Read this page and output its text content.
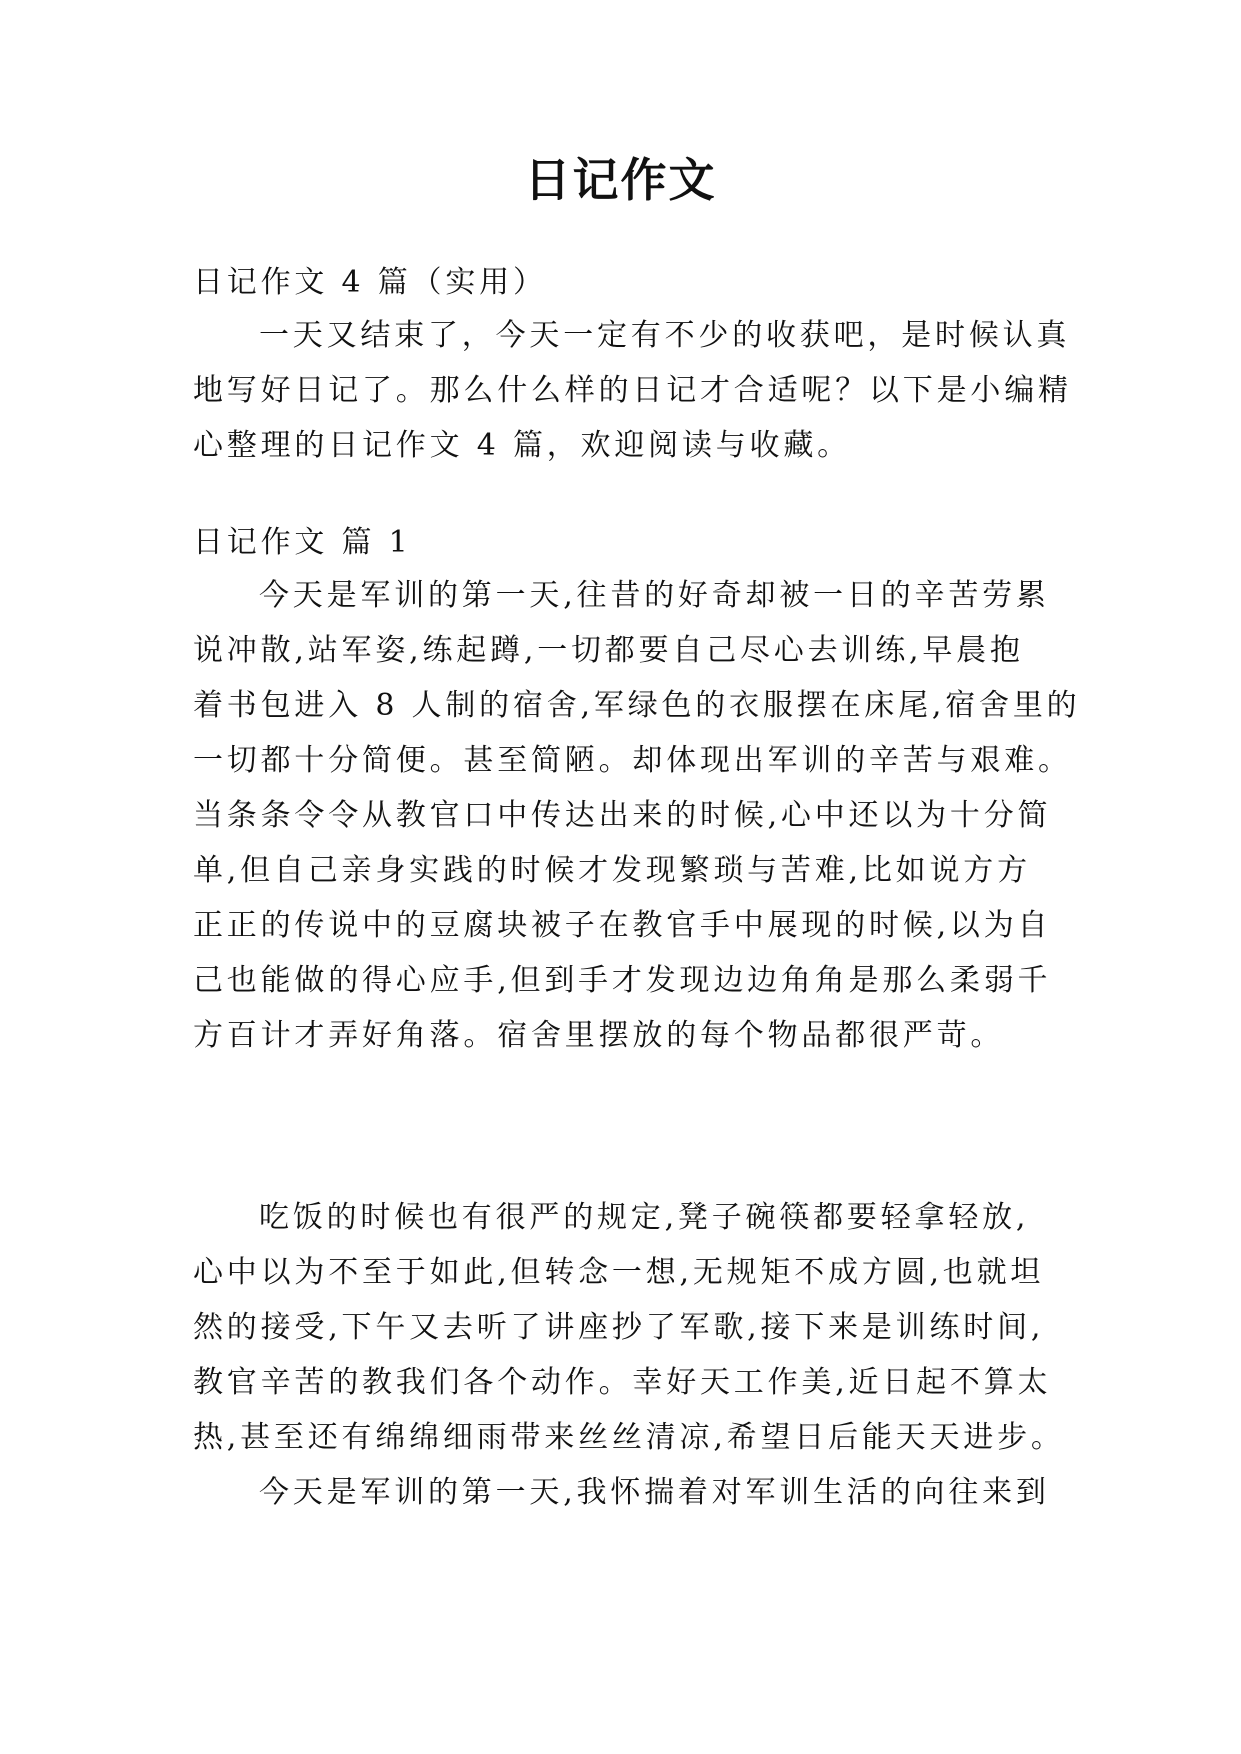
日记作文
日记作文 4 篇（实用）
一天又结束了，今天一定有不少的收获吧，是时候认真
地写好日记了。那么什么样的日记才合适呢？以下是小编精
心整理的日记作文 4 篇，欢迎阅读与收藏。
日记作文 篇 1
今天是军训的第一天,往昔的好奇却被一日的辛苦劳累
说冲散,站军姿,练起蹲,一切都要自己尽心去训练,早晨抱
着书包进入 8 人制的宿舍,军绿色的衣服摆在床尾,宿舍里的
一切都十分简便。甚至简陋。却体现出军训的辛苦与艰难。
当条条令令从教官口中传达出来的时候,心中还以为十分简
单,但自己亲身实践的时候才发现繁琐与苦难,比如说方方
正正的传说中的豆腐块被子在教官手中展现的时候,以为自
己也能做的得心应手,但到手才发现边边角角是那么柔弱千
方百计才弄好角落。宿舍里摆放的每个物品都很严苛。
吃饭的时候也有很严的规定,凳子碗筷都要轻拿轻放,
心中以为不至于如此,但转念一想,无规矩不成方圆,也就坦
然的接受,下午又去听了讲座抄了军歌,接下来是训练时间,
教官辛苦的教我们各个动作。幸好天工作美,近日起不算太
热,甚至还有绵绵细雨带来丝丝清凉,希望日后能天天进步。
今天是军训的第一天,我怀揣着对军训生活的向往来到
